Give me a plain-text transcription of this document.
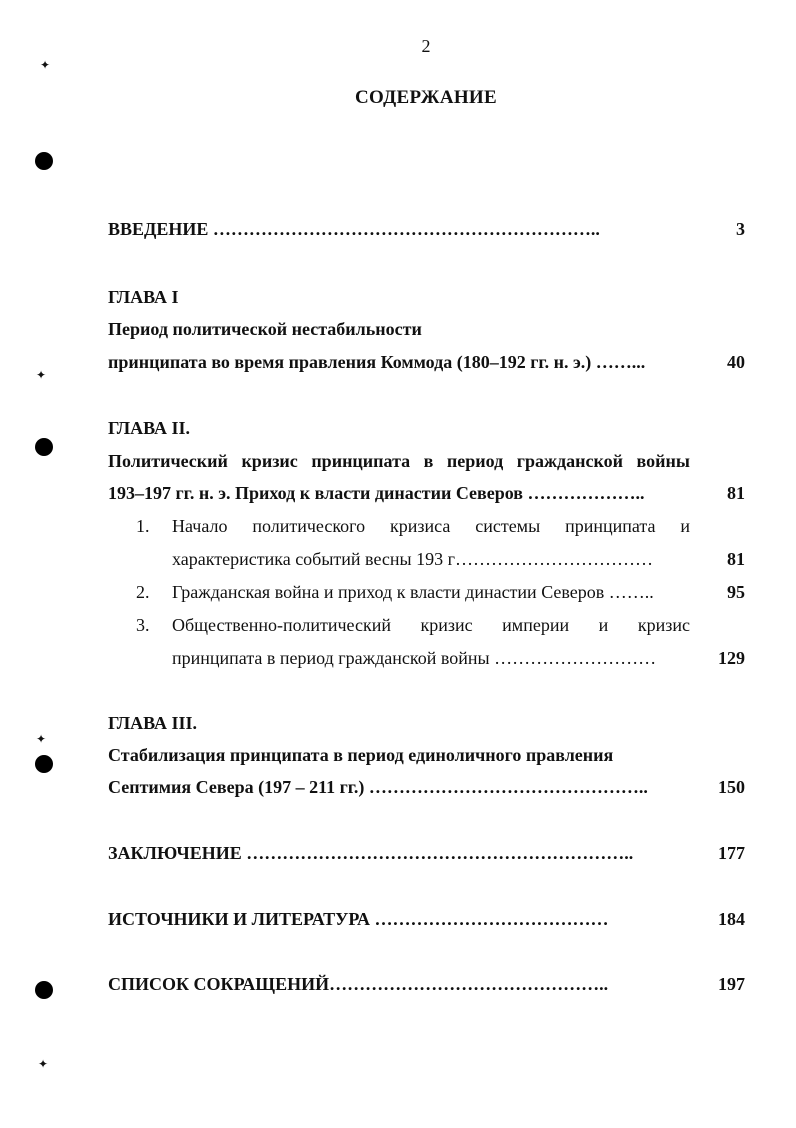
✦
✦
✦
✦
2
СОДЕРЖАНИЕ
ВВЕДЕНИЕ ………………………………………………………..	3
ГЛАВА I
Период политической нестабильности
принципата во время правления Коммода (180–192 гг. н. э.) ……...	40
ГЛАВА II.
Политический кризис принципата в период гражданской войны
193–197 гг. н. э. Приход к власти династии Северов ………………..	81
1. Начало политического кризиса системы принципата и
характеристика событий весны 193 г……………………………	81
2. Гражданская война и приход к власти династии Северов ……..	95
3. Общественно-политический кризис империи и кризис
принципата в период гражданской войны ………………………	129
ГЛАВА III.
Стабилизация принципата в период единоличного правления
Септимия Севера (197 – 211 гг.) ………………………………………..	150
ЗАКЛЮЧЕНИЕ ………………………………………………………..	177
ИСТОЧНИКИ И ЛИТЕРАТУРА …………………………………	184
СПИСОК СОКРАЩЕНИЙ………………………………………..	197
